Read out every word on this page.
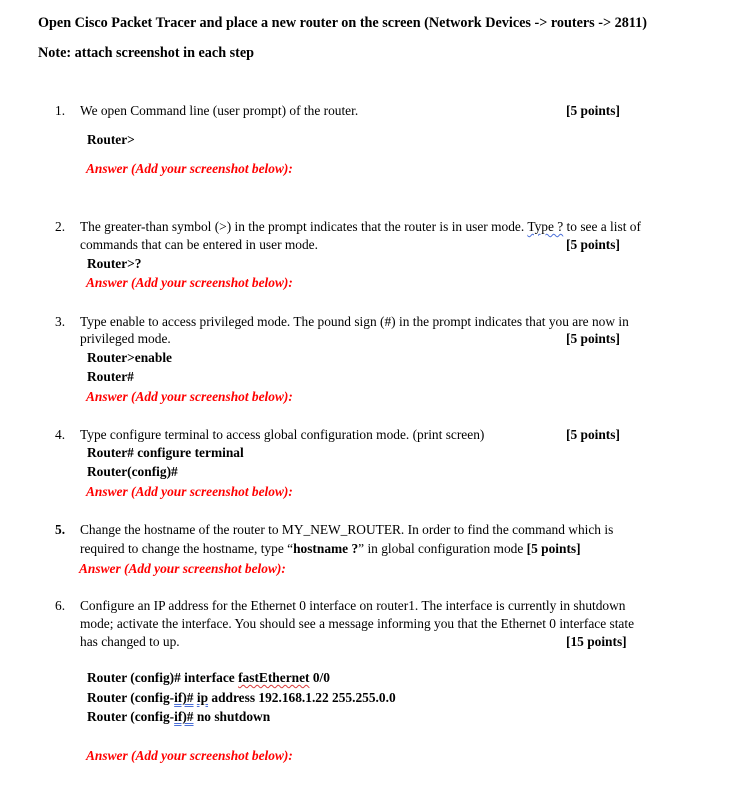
Open Cisco Packet Tracer and place a new router on the screen (Network Devices -> routers -> 2811)
Note: attach screenshot in each step
1. We open Command line (user prompt) of the router.	[5 points]
Router>
Answer (Add your screenshot below):
2. The greater-than symbol (>) in the prompt indicates that the router is in user mode. Type ? to see a list of
commands that can be entered in user mode.	[5 points]
Router>?
Answer (Add your screenshot below):
3. Type enable to access privileged mode. The pound sign (#) in the prompt indicates that you are now in
privileged mode.	[5 points]
Router>enable
Router#
Answer (Add your screenshot below):
4. Type configure terminal to access global configuration mode. (print screen)	[5 points]
Router# configure terminal
Router(config)#
Answer (Add your screenshot below):
5. Change the hostname of the router to MY_NEW_ROUTER. In order to find the command which is
required to change the hostname, type “hostname ?” in global configuration mode [5 points]
Answer (Add your screenshot below):
6. Configure an IP address for the Ethernet 0 interface on router1. The interface is currently in shutdown
mode; activate the interface. You should see a message informing you that the Ethernet 0 interface state
has changed to up.	[15 points]
Router (config)# interface fastEthernet 0/0
Router (config-if)# ip address 192.168.1.22 255.255.0.0
Router (config-if)# no shutdown
Answer (Add your screenshot below):
